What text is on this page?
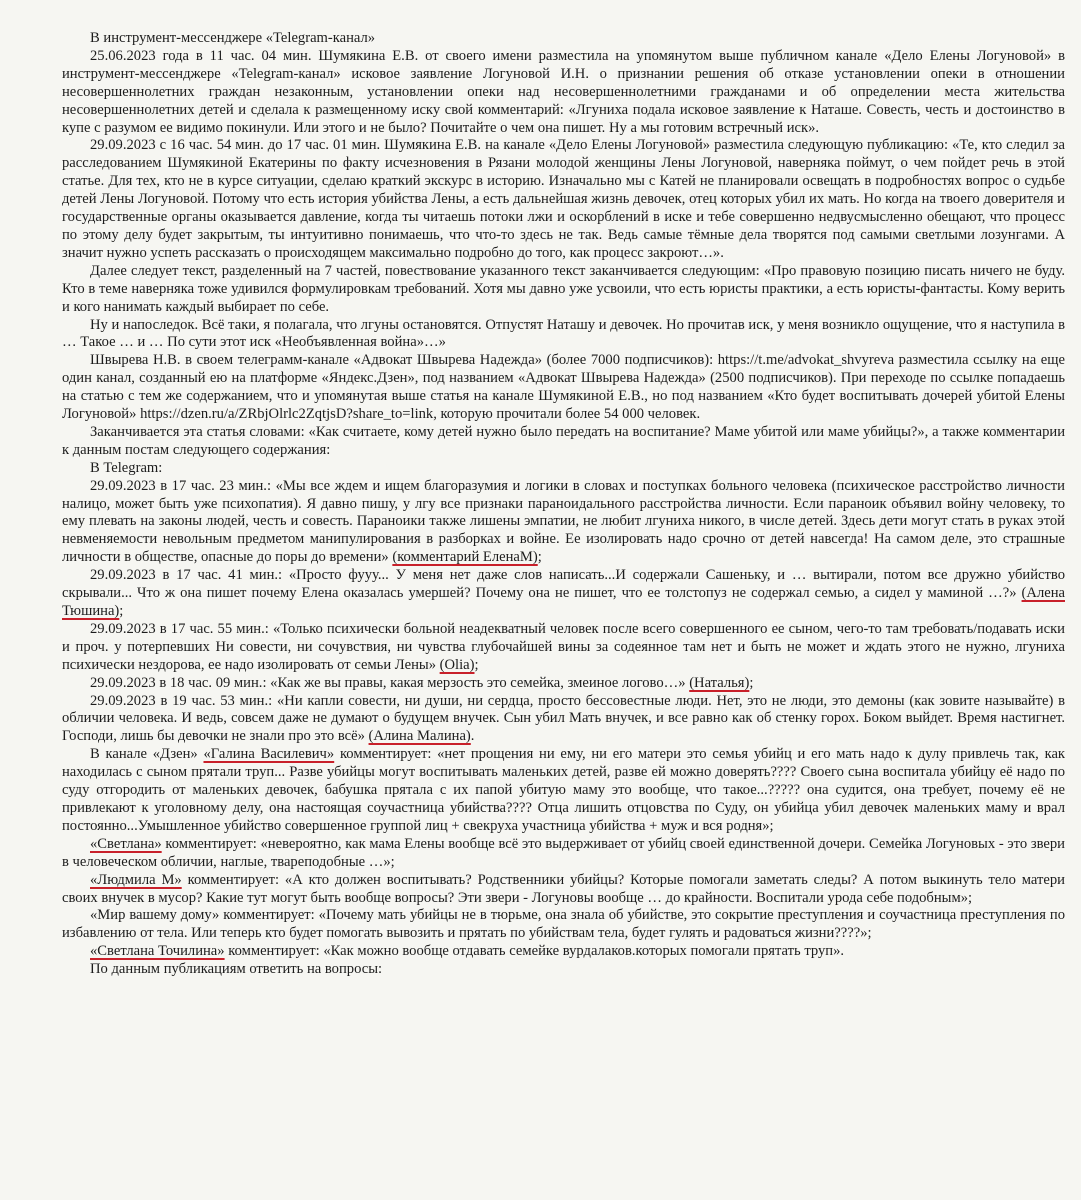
В инструмент-мессенджере «Telegram-канал»

25.06.2023 года в 11 час. 04 мин. Шумякина Е.В. от своего имени разместила на упомянутом выше публичном канале «Дело Елены Логуновой» в инструмент-мессенджере «Telegram-канал» исковое заявление Логуновой И.Н. о признании решения об отказе установлении опеки в отношении несовершеннолетних граждан незаконным, установлении опеки над несовершеннолетними гражданами и об определении места жительства несовершеннолетних детей и сделала к размещенному иску свой комментарий: «Лгуниха подала исковое заявление к Наташе. Совесть, честь и достоинство в купе с разумом ее видимо покинули. Или этого и не было? Почитайте о чем она пишет. Ну а мы готовим встречный иск».

29.09.2023 с 16 час. 54 мин. до 17 час. 01 мин. Шумякина Е.В. на канале «Дело Елены Логуновой» разместила следующую публикацию: «Те, кто следил за расследованием Шумякиной Екатерины по факту исчезновения в Рязани молодой женщины Лены Логуновой, наверняка поймут, о чем пойдет речь в этой статье. Для тех, кто не в курсе ситуации, сделаю краткий экскурс в историю. Изначально мы с Катей не планировали освещать в подробностях вопрос о судьбе детей Лены Логуновой. Потому что есть история убийства Лены, а есть дальнейшая жизнь девочек, отец которых убил их мать. Но когда на твоего доверителя и государственные органы оказывается давление, когда ты читаешь потоки лжи и оскорблений в иске и тебе совершенно недвусмысленно обещают, что процесс по этому делу будет закрытым, ты интуитивно понимаешь, что что-то здесь не так. Ведь самые тёмные дела творятся под самыми светлыми лозунгами. А значит нужно успеть рассказать о происходящем максимально подробно до того, как процесс закроют…».

Далее следует текст, разделенный на 7 частей, повествование указанного текст заканчивается следующим: «Про правовую позицию писать ничего не буду. Кто в теме наверняка тоже удивился формулировкам требований. Хотя мы давно уже усвоили, что есть юристы практики, а есть юристы-фантасты. Кому верить и кого нанимать каждый выбирает по себе.

Ну и напоследок. Всё таки, я полагала, что лгуны остановятся. Отпустят Наташу и девочек. Но прочитав иск, у меня возникло ощущение, что я наступила в … Такое … и … По сути этот иск «Необъявленная война»…»

Швырева Н.В. в своем телеграмм-канале «Адвокат Швырева Надежда» (более 7000 подписчиков): https://t.me/advokat_shvyreva разместила ссылку на еще один канал, созданный ею на платформе «Яндекс.Дзен», под названием «Адвокат Швырева Надежда» (2500 подписчиков). При переходе по ссылке попадаешь на статью с тем же содержанием, что и упомянутая выше статья на канале Шумякиной Е.В., но под названием «Кто будет воспитывать дочерей убитой Елены Логуновой» https://dzen.ru/a/ZRbjOlrlc2ZqtjsD?share_to=link, которую прочитали более 54 000 человек.

Заканчивается эта статья словами: «Как считаете, кому детей нужно было передать на воспитание? Маме убитой или маме убийцы?», а также комментарии к данным постам следующего содержания:

В Telegram:

29.09.2023 в 17 час. 23 мин.: «Мы все ждем и ищем благоразумия и логики в словах и поступках больного человека (психическое расстройство личности налицо, может быть уже психопатия). Я давно пишу, у лгу все признаки параноидального расстройства личности. Если параноик объявил войну человеку, то ему плевать на законы людей, честь и совесть. Параноики также лишены эмпатии, не любит лгуниха никого, в числе детей. Здесь дети могут стать в руках этой невменяемости невольным предметом манипулирования в разборках и войне. Ее изолировать надо срочно от детей навсегда! На самом деле, это страшные личности в обществе, опасные до поры до времени» (комментарий ЕленаМ);

29.09.2023 в 17 час. 41 мин.: «Просто фууу... У меня нет даже слов написать...И содержали Сашеньку, и … вытирали, потом все дружно убийство скрывали... Что ж она пишет почему Елена оказалась умершей? Почему она не пишет, что ее толстопуз не содержал семью, а сидел у маминой …?» (Алена Тюшина);

29.09.2023 в 17 час. 55 мин.: «Только психически больной неадекватный человек после всего совершенного ее сыном, чего-то там требовать/подавать иски и проч. у потерпевших Ни совести, ни сочувствия, ни чувства глубочайшей вины за содеянное там нет и быть не может и ждать этого не нужно, лгуниха психически нездорова, ее надо изолировать от семьи Лены» (Olia);

29.09.2023 в 18 час. 09 мин.: «Как же вы правы, какая мерзость это семейка, змеиное логово…» (Наталья);

29.09.2023 в 19 час. 53 мин.: «Ни капли совести, ни души, ни сердца, просто бессовестные люди. Нет, это не люди, это демоны (как зовите называйте) в обличии человека. И ведь, совсем даже не думают о будущем внучек. Сын убил Мать внучек, и все равно как об стенку горох. Боком выйдет. Время настигнет. Господи, лишь бы девочки не знали про это всё» (Алина Малина).

В канале «Дзен» «Галина Василевич» комментирует: «нет прощения ни ему, ни его матери это семья убийц и его мать надо к дулу привлечь так, как находилась с сыном прятали труп... Разве убийцы могут воспитывать маленьких детей, разве ей можно доверять???? Своего сына воспитала убийцу её надо по суду отгородить от маленьких девочек, бабушка прятала с их папой убитую маму это вообще, что такое...????? она судится, она требует, почему её не привлекают к уголовному делу, она настоящая соучастница убийства???? Отца лишить отцовства по Суду, он убийца убил девочек маленьких маму и врал постоянно...Умышленное убийство совершенное группой лиц + свекруха участница убийства + муж и вся родня»;

«Светлана» комментирует: «невероятно, как мама Елены вообще всё это выдерживает от убийц своей единственной дочери. Семейка Логуновых - это звери в человеческом обличии, наглые, твареподобные …»;

«Людмила М» комментирует: «А кто должен воспитывать? Родственники убийцы? Которые помогали заметать следы? А потом выкинуть тело матери своих внучек в мусор? Какие тут могут быть вообще вопросы? Эти звери - Логуновы вообще … до крайности. Воспитали урода себе подобным»;

«Мир вашему дому» комментирует: «Почему мать убийцы не в тюрьме, она знала об убийстве, это сокрытие преступления и соучастница преступления по избавлению от тела. Или теперь кто будет помогать вывозить и прятать по убийствам тела, будет гулять и радоваться жизни????»;

«Светлана Точилина» комментирует: «Как можно вообще отдавать семейке вурдалаков.которых помогали прятать труп».

По данным публикациям ответить на вопросы:
